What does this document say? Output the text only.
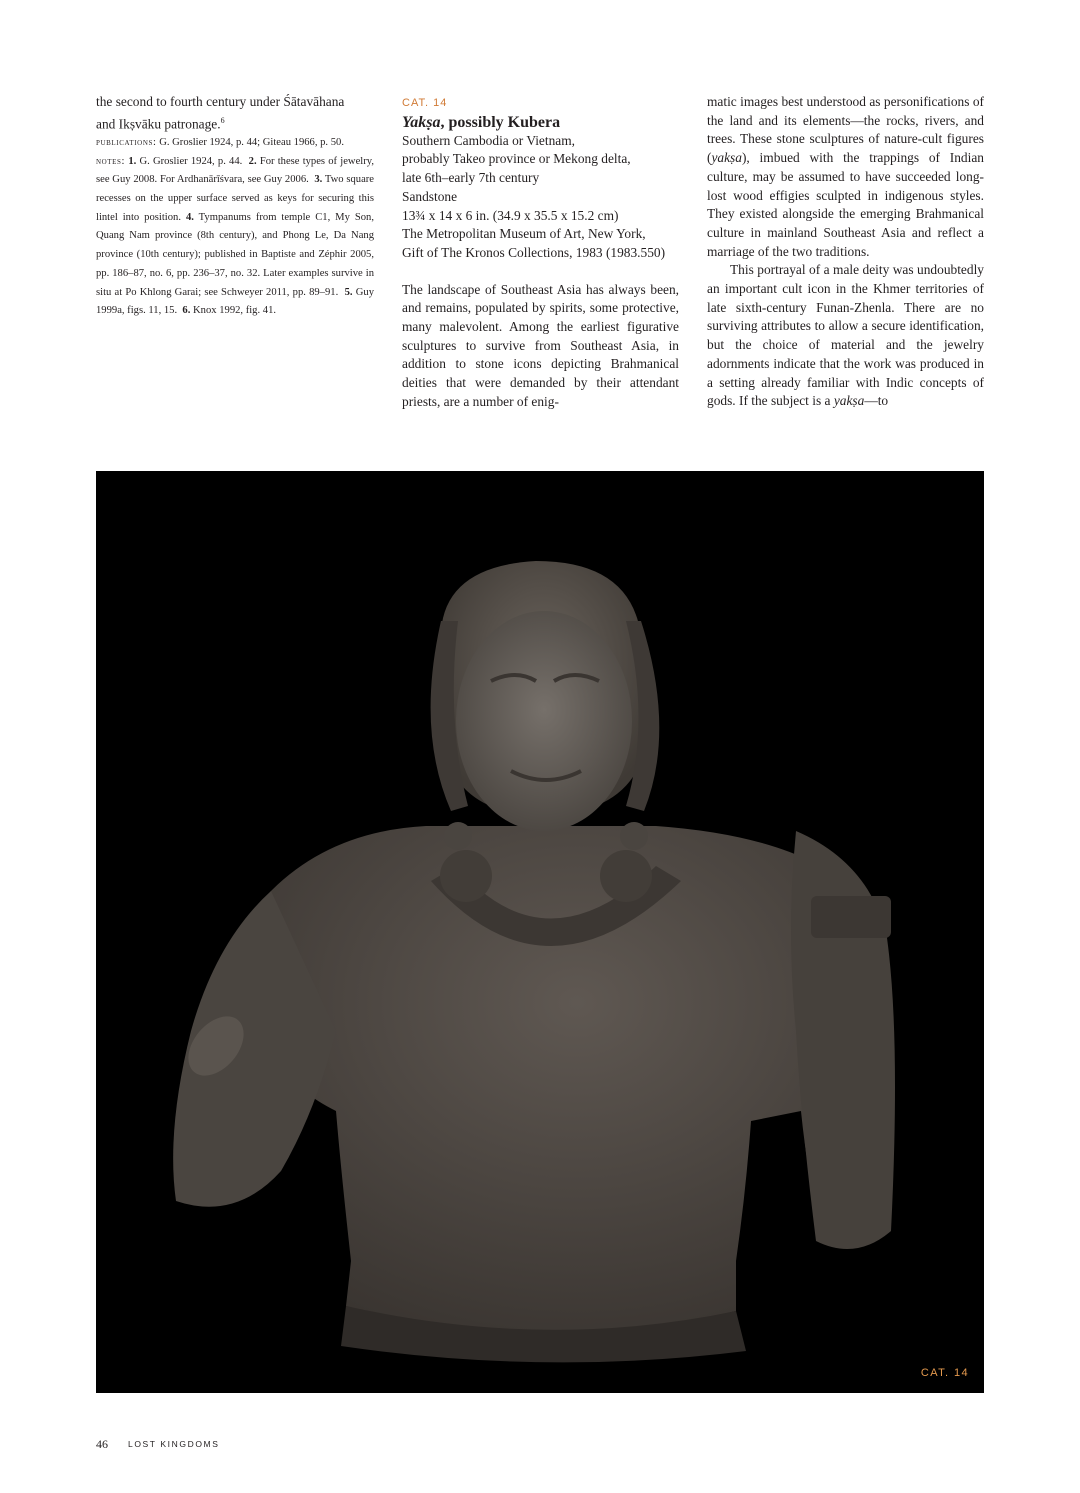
the second to fourth century under Śātavāhana
and Ikṣvāku patronage.$^6$

publications: G. Groslier 1924, p. 44; Giteau 1966, p. 50.

notes: 1. G. Groslier 1924, p. 44. 2. For these types of jewelry, see Guy 2008. For Ardhanārīśvara, see Guy 2006. 3. Two square recesses on the upper surface served as keys for securing this lintel into position. 4. Tympanums from temple C1, My Son, Quang Nam province (8th century), and Phong Le, Da Nang province (10th century); published in Baptiste and Zéphir 2005, pp. 186–87, no. 6, pp. 236–37, no. 32. Later examples survive in situ at Po Khlong Garai; see Schweyer 2011, pp. 89–91. 5. Guy 1999a, figs. 11, 15. 6. Knox 1992, fig. 41.

CAT. 14

Yakṣa, possibly Kubera

Southern Cambodia or Vietnam,
probably Takeo province or Mekong delta,
late 6th–early 7th century
Sandstone
13¾ x 14 x 6 in. (34.9 x 35.5 x 15.2 cm)
The Metropolitan Museum of Art, New York,
Gift of The Kronos Collections, 1983 (1983.550)

The landscape of Southeast Asia has always been, and remains, populated by spirits, some protective, many malevolent. Among the earliest figurative sculptures to survive from Southeast Asia, in addition to stone icons depicting Brahmanical deities that were demanded by their attendant priests, are a number of enig-

matic images best understood as personifications of the land and its elements—the rocks, rivers, and trees. These stone sculptures of nature-cult figures (yakṣa), imbued with the trappings of Indian culture, may be assumed to have succeeded long-lost wood effigies sculpted in indigenous styles. They existed alongside the emerging Brahmanical culture in mainland Southeast Asia and reflect a marriage of the two traditions.

This portrayal of a male deity was undoubtedly an important cult icon in the Khmer territories of late sixth-century Funan-Zhenla. There are no surviving attributes to allow a secure identification, but the choice of material and the jewelry adornments indicate that the work was produced in a setting already familiar with Indic concepts of gods. If the subject is a yakṣa—to

CAT. 14
46 LOST KINGDOMS
